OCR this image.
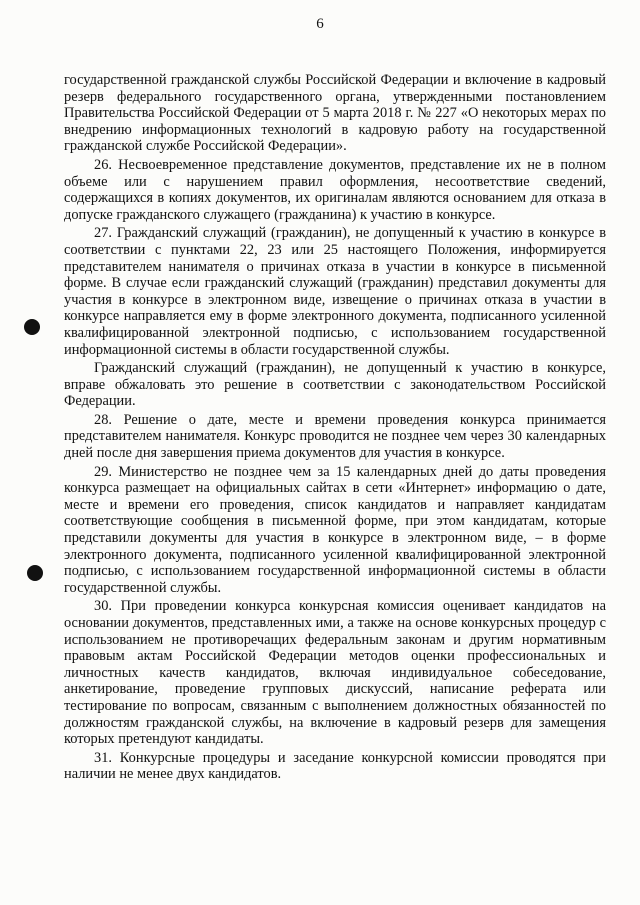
6

государственной гражданской службы Российской Федерации и включение в кадровый резерв федерального государственного органа, утвержденными постановлением Правительства Российской Федерации от 5 марта 2018 г. № 227 «О некоторых мерах по внедрению информационных технологий в кадровую работу на государственной гражданской службе Российской Федерации».

26. Несвоевременное представление документов, представление их не в полном объеме или с нарушением правил оформления, несоответствие сведений, содержащихся в копиях документов, их оригиналам являются основанием для отказа в допуске гражданского служащего (гражданина) к участию в конкурсе.

27. Гражданский служащий (гражданин), не допущенный к участию в конкурсе в соответствии с пунктами 22, 23 или 25 настоящего Положения, информируется представителем нанимателя о причинах отказа в участии в конкурсе в письменной форме. В случае если гражданский служащий (гражданин) представил документы для участия в конкурсе в электронном виде, извещение о причинах отказа в участии в конкурсе направляется ему в форме электронного документа, подписанного усиленной квалифицированной электронной подписью, с использованием государственной информационной системы в области государственной службы.

Гражданский служащий (гражданин), не допущенный к участию в конкурсе, вправе обжаловать это решение в соответствии с законодательством Российской Федерации.

28. Решение о дате, месте и времени проведения конкурса принимается представителем нанимателя. Конкурс проводится не позднее чем через 30 календарных дней после дня завершения приема документов для участия в конкурсе.

29. Министерство не позднее чем за 15 календарных дней до даты проведения конкурса размещает на официальных сайтах в сети «Интернет» информацию о дате, месте и времени его проведения, список кандидатов и направляет кандидатам соответствующие сообщения в письменной форме, при этом кандидатам, которые представили документы для участия в конкурсе в электронном виде, – в форме электронного документа, подписанного усиленной квалифицированной электронной подписью, с использованием государственной информационной системы в области государственной службы.

30. При проведении конкурса конкурсная комиссия оценивает кандидатов на основании документов, представленных ими, а также на основе конкурсных процедур с использованием не противоречащих федеральным законам и другим нормативным правовым актам Российской Федерации методов оценки профессиональных и личностных качеств кандидатов, включая индивидуальное собеседование, анкетирование, проведение групповых дискуссий, написание реферата или тестирование по вопросам, связанным с выполнением должностных обязанностей по должностям гражданской службы, на включение в кадровый резерв для замещения которых претендуют кандидаты.

31. Конкурсные процедуры и заседание конкурсной комиссии проводятся при наличии не менее двух кандидатов.
